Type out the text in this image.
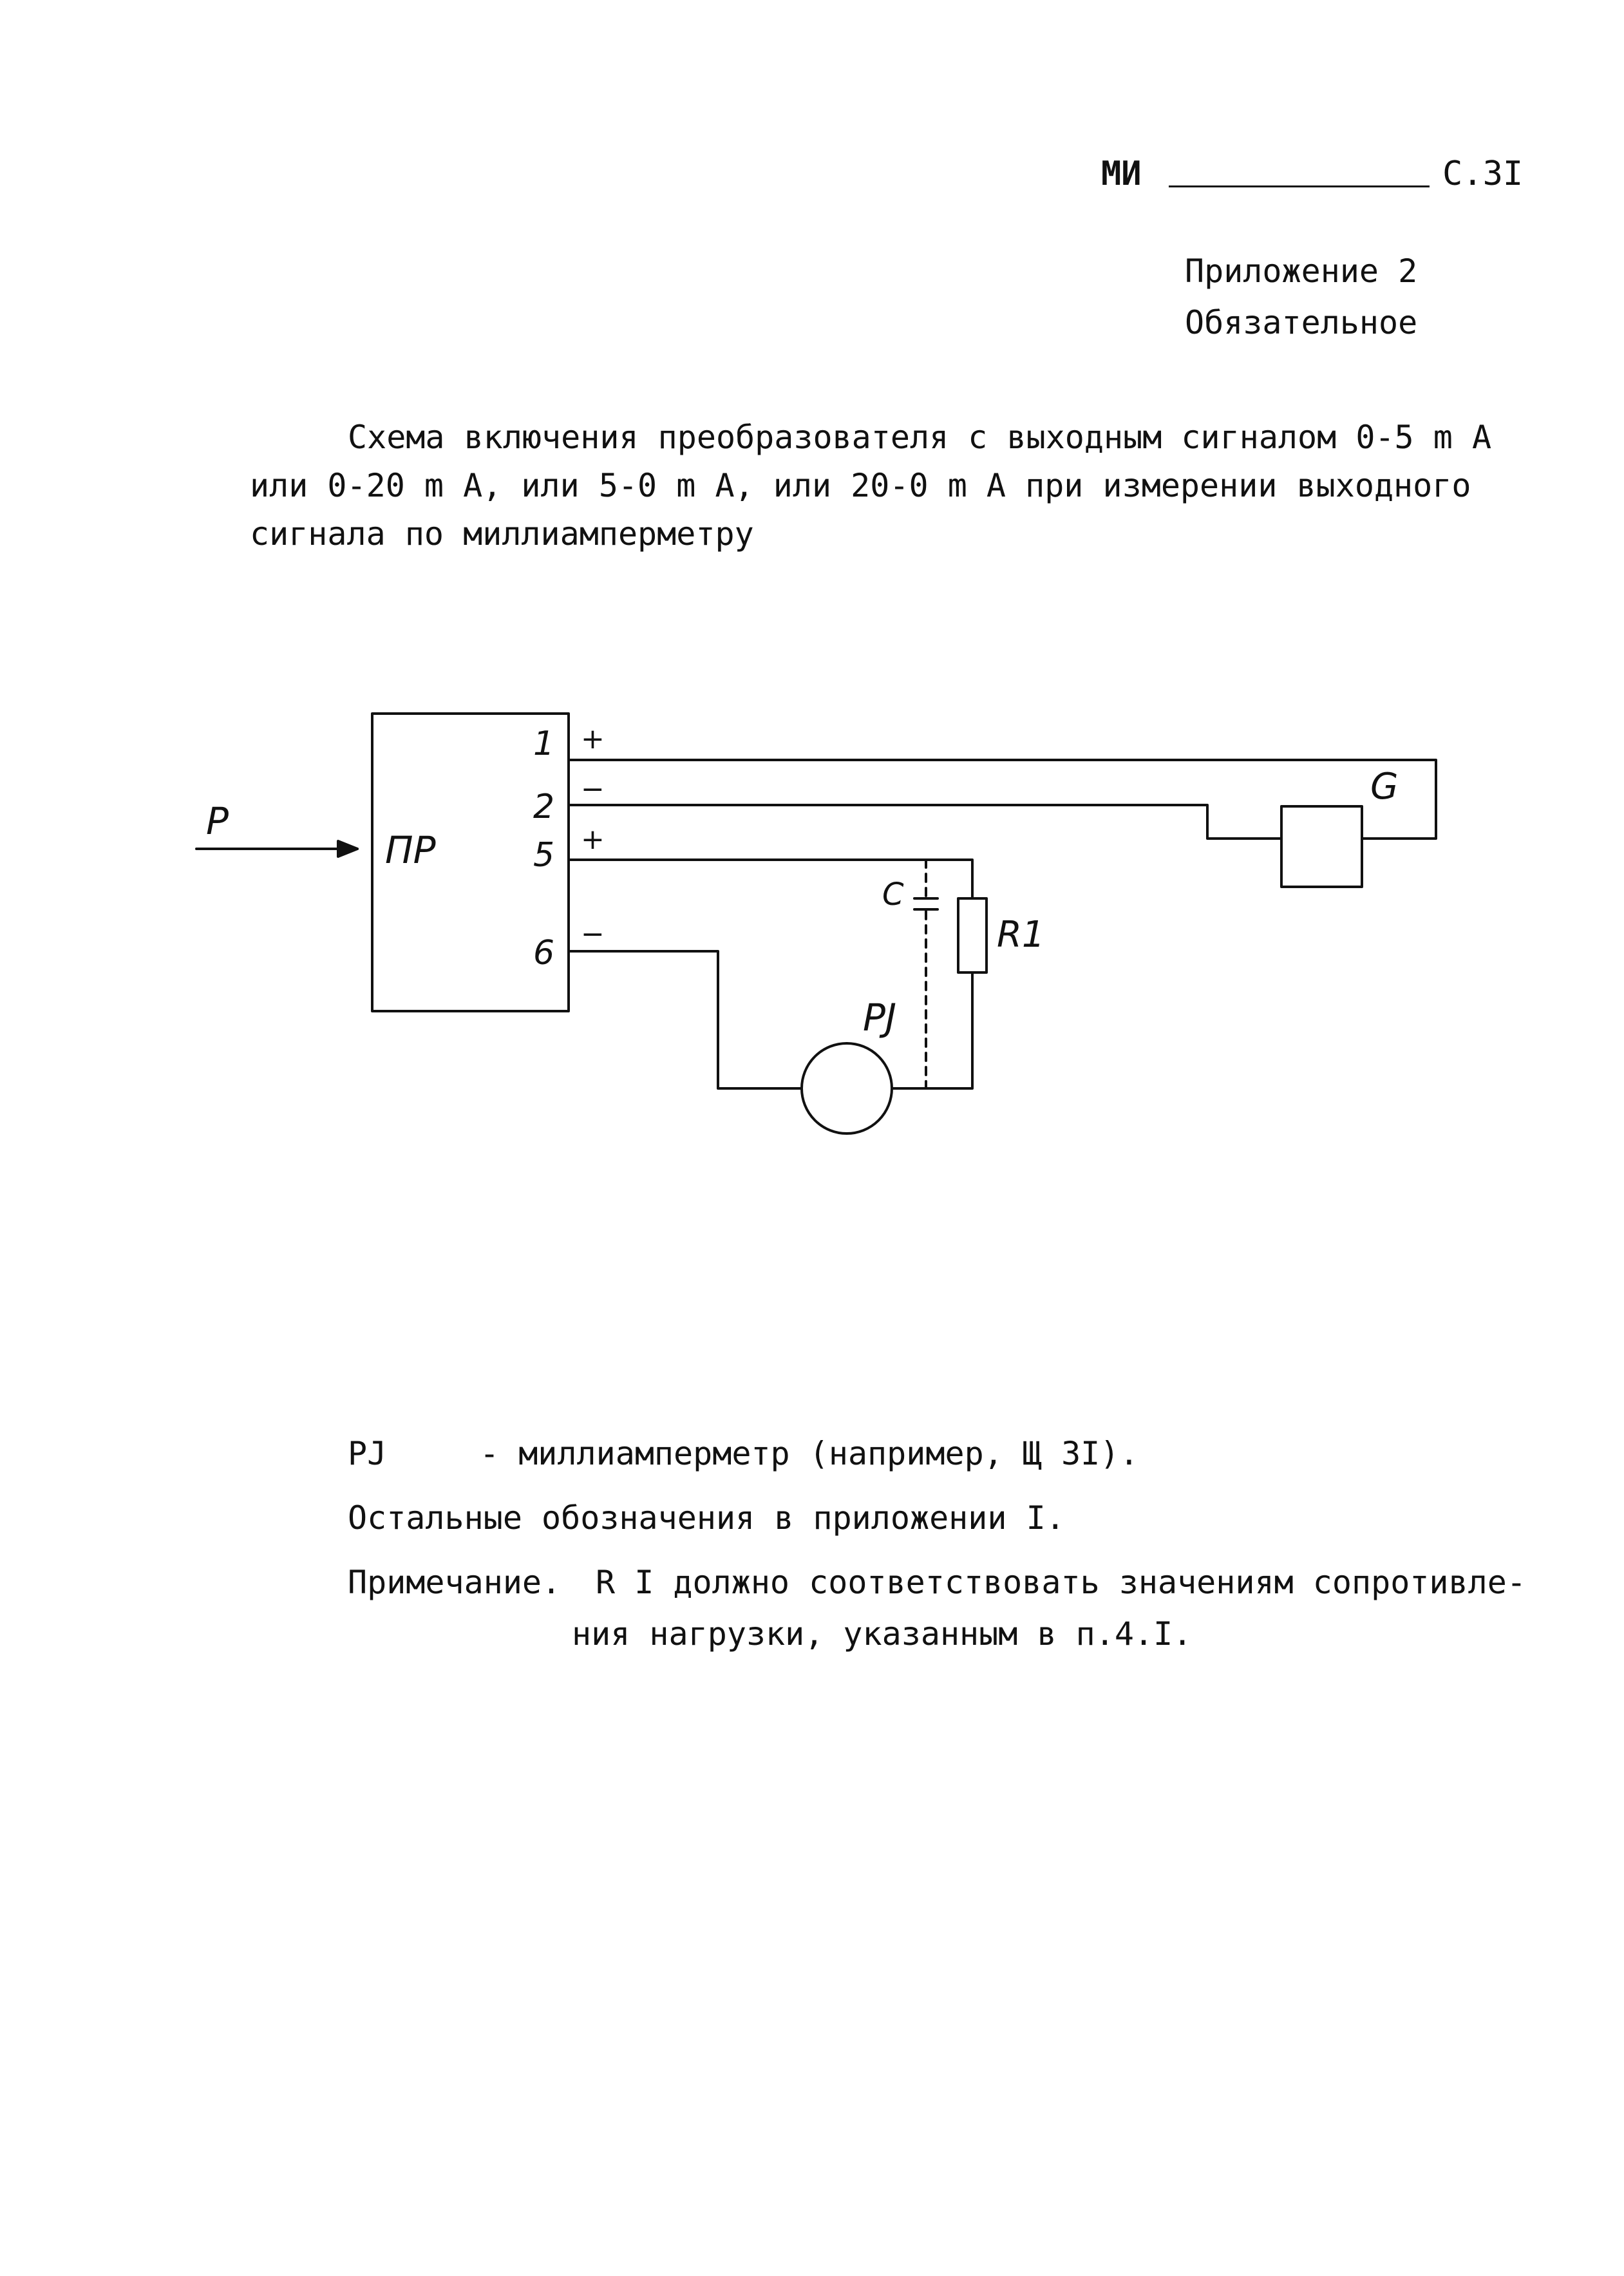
МИ	С.3I
Приложение 2
Обязательное
Схема включения преобразователя с выходным сигналом 0-5 m A
или 0-20 m A, или 5-0 m A, или 20-0 m A при измерении выходного
сигнала по миллиамперметру
P
ПР
1
2
5
6
+
−
+
−
G
C
R1
PJ
PJ	- миллиамперметр (например, Щ 3I).
Остальные обозначения в приложении I.
Примечание. R I должно соответствовать значениям сопротивле-
ния нагрузки, указанным в п.4.I.
